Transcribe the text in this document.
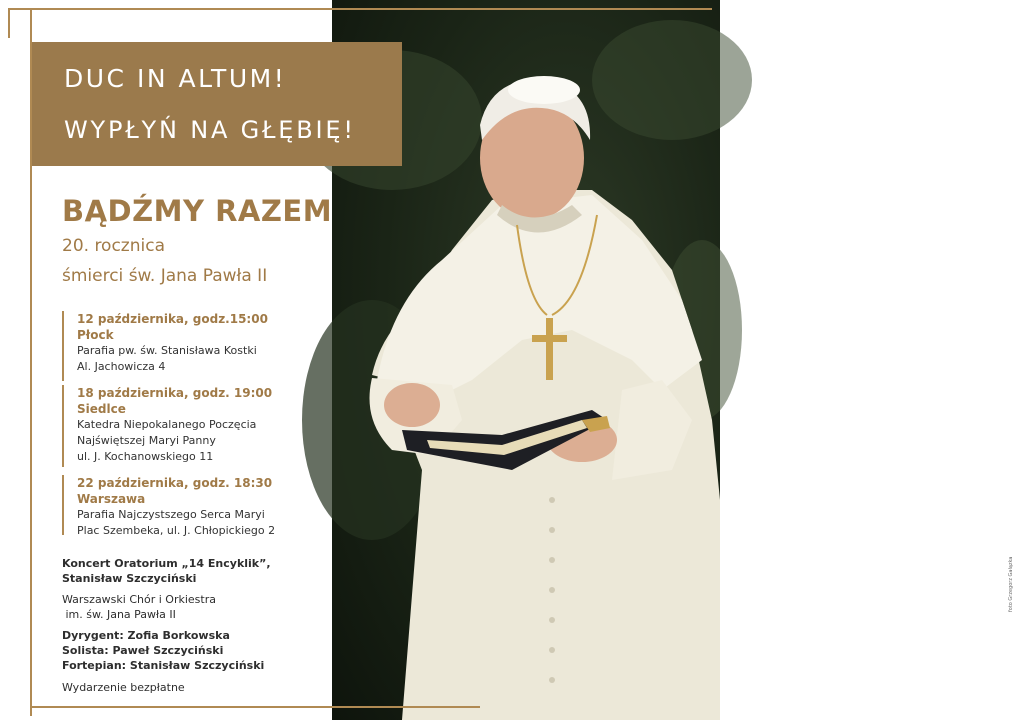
foto Grzegorz Gałązka
DUC IN ALTUM!
WYPŁYŃ NA GŁĘBIĘ!
BĄDŹMY RAZEM
20. rocznica
śmierci św. Jana Pawła II
12 października, godz.15:00
Płock
Parafia pw. św. Stanisława Kostki
Al. Jachowicza 4
18 października, godz. 19:00
Siedlce
Katedra Niepokalanego Poczęcia
Najświętszej Maryi Panny
ul. J. Kochanowskiego 11
22 października, godz. 18:30
Warszawa
Parafia Najczystszego Serca Maryi
Plac Szembeka, ul. J. Chłopickiego 2
Koncert Oratorium „14 Encyklik”,
Stanisław Szczyciński
Warszawski Chór i Orkiestra
im. św. Jana Pawła II
Dyrygent: Zofia Borkowska
Solista: Paweł Szczyciński
Fortepian: Stanisław Szczyciński
Wydarzenie bezpłatne
